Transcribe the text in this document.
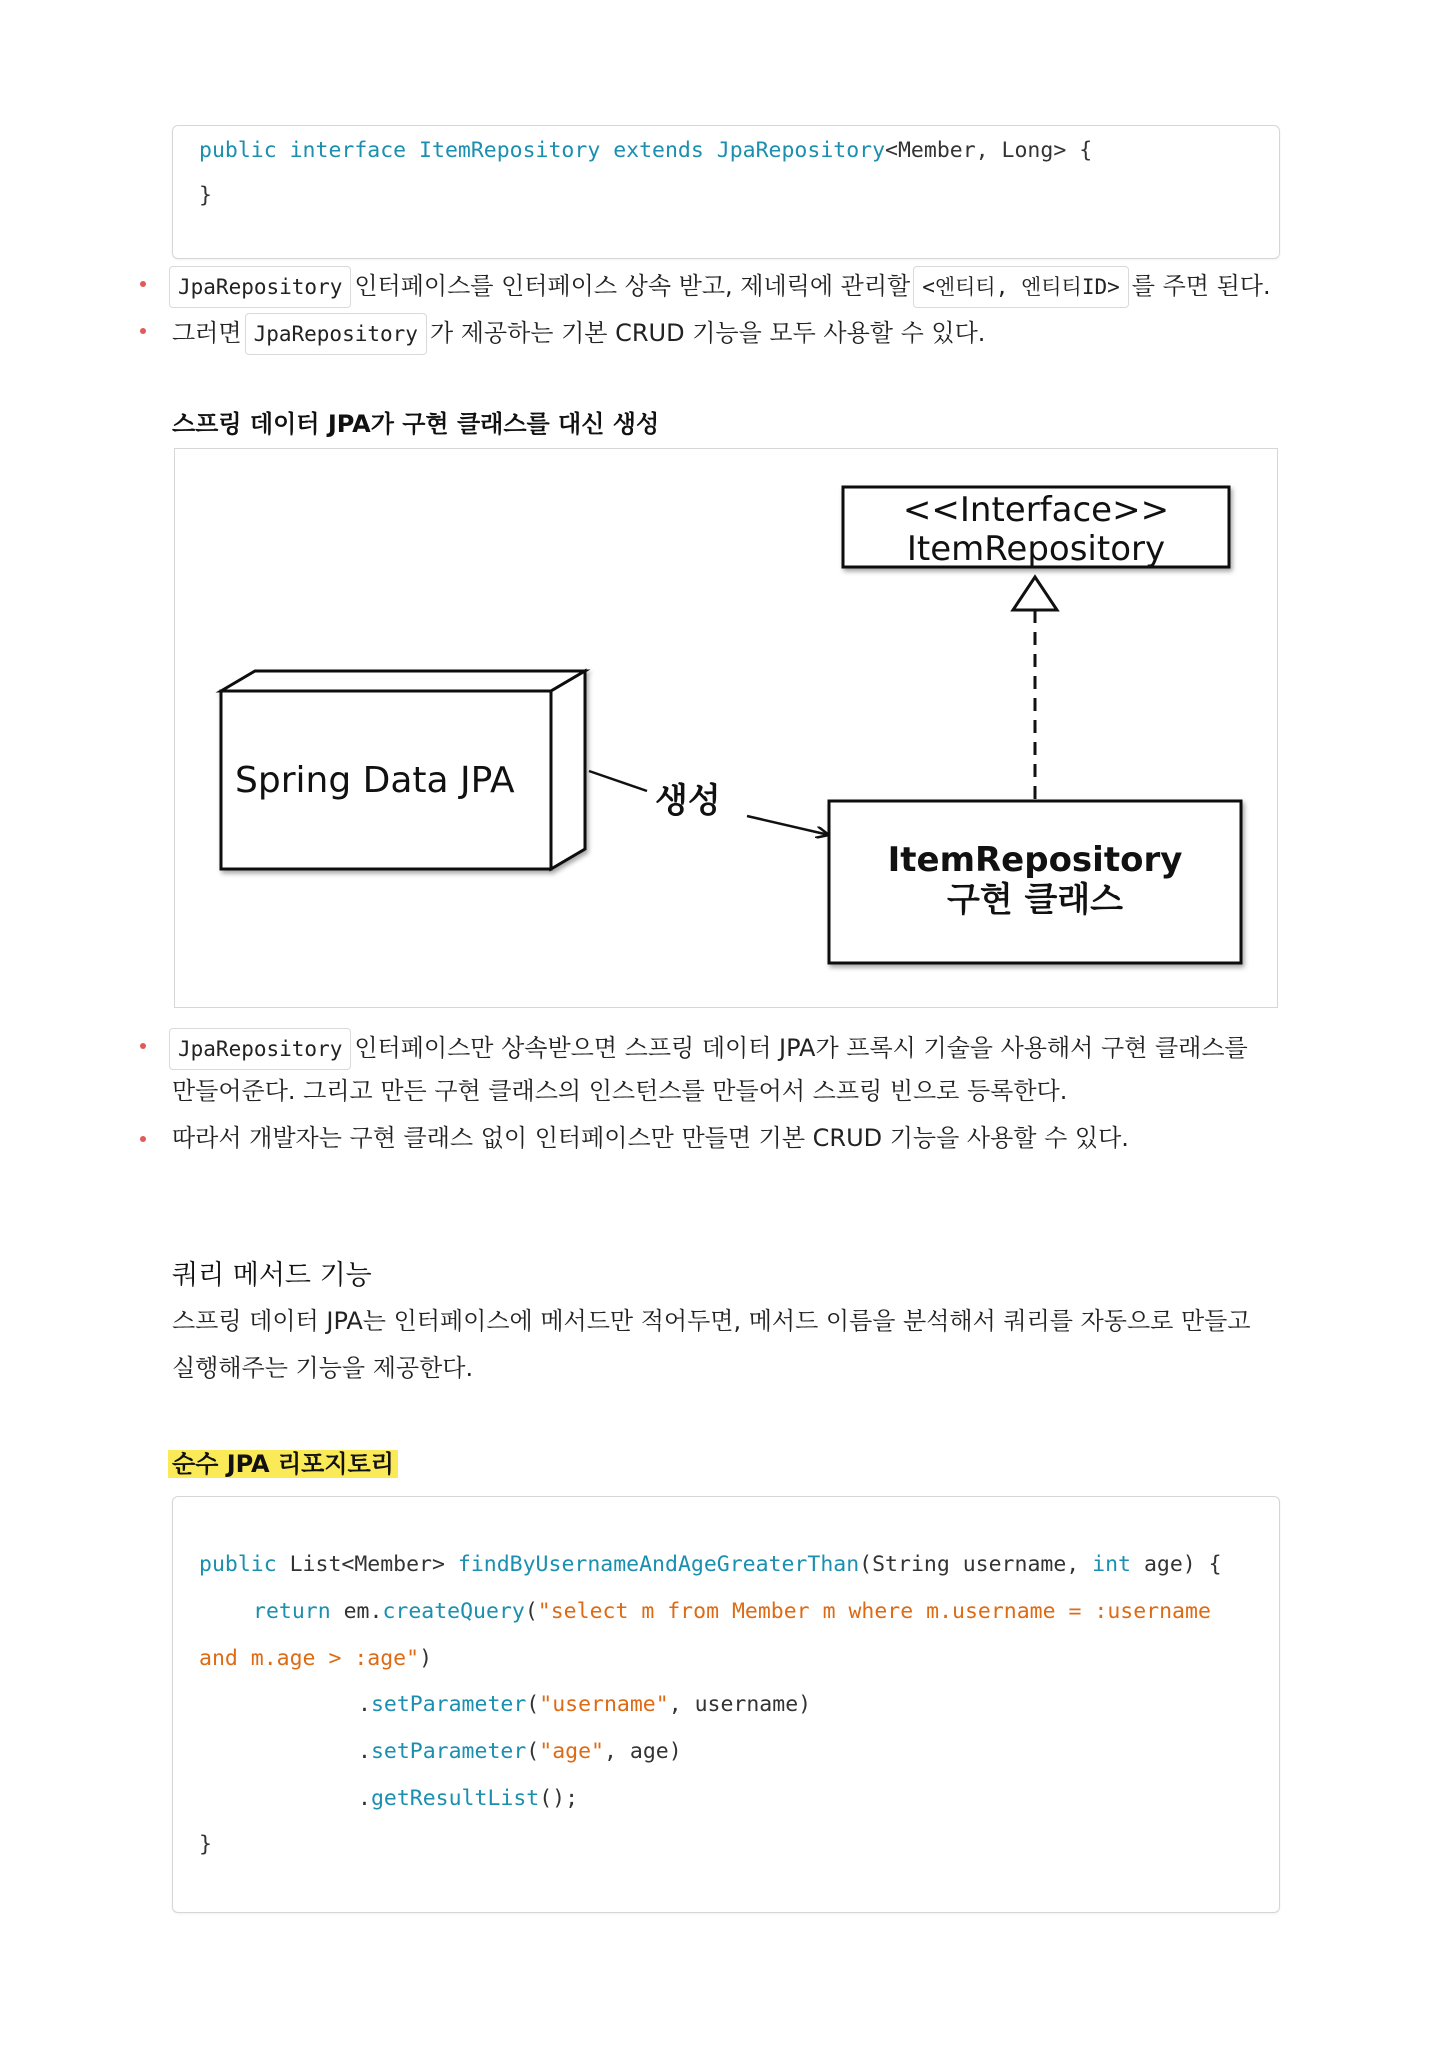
public interface ItemRepository extends JpaRepository<Member, Long> {
}
JpaRepository 인터페이스를 인터페이스 상속 받고, 제네릭에 관리할 <엔티티, 엔티티ID> 를 주면 된다.
그러면 JpaRepository 가 제공하는 기본 CRUD 기능을 모두 사용할 수 있다.
스프링 데이터 JPA가 구현 클래스를 대신 생성
<<Interface>>
ItemRepository
Spring Data JPA	생성
ItemRepository
구현 클래스
JpaRepository 인터페이스만 상속받으면 스프링 데이터 JPA가 프록시 기술을 사용해서 구현 클래스를
만들어준다. 그리고 만든 구현 클래스의 인스턴스를 만들어서 스프링 빈으로 등록한다.
따라서 개발자는 구현 클래스 없이 인터페이스만 만들면 기본 CRUD 기능을 사용할 수 있다.
쿼리 메서드 기능
스프링 데이터 JPA는 인터페이스에 메서드만 적어두면, 메서드 이름을 분석해서 쿼리를 자동으로 만들고
실행해주는 기능을 제공한다.
순수 JPA 리포지토리
public List<Member> findByUsernameAndAgeGreaterThan(String username, int age) {
return em.createQuery("select m from Member m where m.username = :username
and m.age > :age")
.setParameter("username", username)
.setParameter("age", age)
.getResultList();
}
